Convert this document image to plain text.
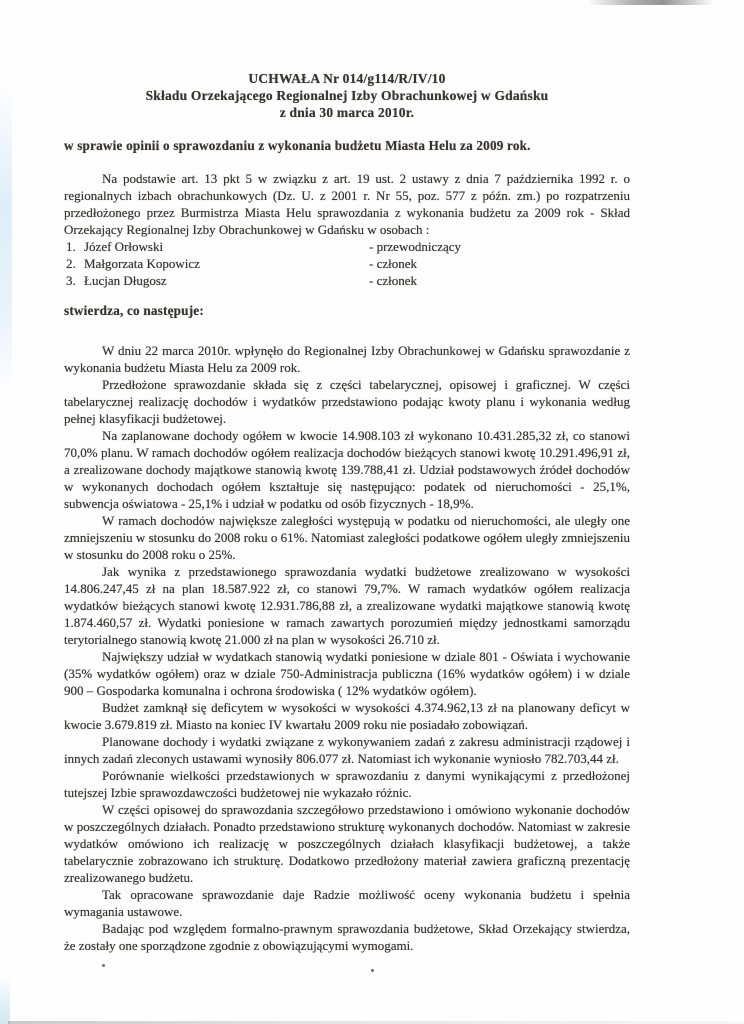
UCHWAŁA Nr 014/g114/R/IV/10
Składu Orzekającego Regionalnej Izby Obrachunkowej w Gdańsku
z dnia 30 marca 2010r.
w sprawie opinii o sprawozdaniu z wykonania budżetu Miasta Helu za 2009 rok.

Na podstawie art. 13 pkt 5 w związku z art. 19 ust. 2 ustawy z dnia 7 października 1992 r. o regionalnych izbach obrachunkowych (Dz. U. z 2001 r. Nr 55, poz. 577 z późn. zm.) po rozpatrzeniu przedłożonego przez Burmistrza Miasta Helu sprawozdania z wykonania budżetu za 2009 rok - Skład Orzekający Regionalnej Izby Obrachunkowej w Gdańsku w osobach :

1. Józef Orłowski	- przewodniczący
2. Małgorzata Kopowicz	- członek
3. Łucjan Długosz	- członek
stwierdza, co następuje:

W dniu 22 marca 2010r. wpłynęło do Regionalnej Izby Obrachunkowej w Gdańsku sprawozdanie z wykonania budżetu Miasta Helu za 2009 rok.

Przedłożone sprawozdanie składa się z części tabelarycznej, opisowej i graficznej. W części tabelarycznej realizację dochodów i wydatków przedstawiono podając kwoty planu i wykonania według pełnej klasyfikacji budżetowej.

Na zaplanowane dochody ogółem w kwocie 14.908.103 zł wykonano 10.431.285,32 zł, co stanowi 70,0% planu. W ramach dochodów ogółem realizacja dochodów bieżących stanowi kwotę 10.291.496,91 zł, a zrealizowane dochody majątkowe stanowią kwotę 139.788,41 zł. Udział podstawowych źródeł dochodów w wykonanych dochodach ogółem kształtuje się następująco: podatek od nieruchomości - 25,1%, subwencja oświatowa - 25,1% i udział w podatku od osób fizycznych - 18,9%.

W ramach dochodów największe zaległości występują w podatku od nieruchomości, ale uległy one zmniejszeniu w stosunku do 2008 roku o 61%. Natomiast zaległości podatkowe ogółem uległy zmniejszeniu w stosunku do 2008 roku o 25%.

Jak wynika z przedstawionego sprawozdania wydatki budżetowe zrealizowano w wysokości 14.806.247,45 zł na plan 18.587.922 zł, co stanowi 79,7%. W ramach wydatków ogółem realizacja wydatków bieżących stanowi kwotę 12.931.786,88 zł, a zrealizowane wydatki majątkowe stanowią kwotę 1.874.460,57 zł. Wydatki poniesione w ramach zawartych porozumień między jednostkami samorządu terytorialnego stanowią kwotę 21.000 zł na plan w wysokości 26.710 zł.

Największy udział w wydatkach stanowią wydatki poniesione w dziale 801 - Oświata i wychowanie (35% wydatków ogółem) oraz w dziale 750-Administracja publiczna (16% wydatków ogółem) i w dziale 900 – Gospodarka komunalna i ochrona środowiska ( 12% wydatków ogółem).

Budżet zamknął się deficytem w wysokości w wysokości 4.374.962,13 zł na planowany deficyt w kwocie 3.679.819 zł. Miasto na koniec IV kwartału 2009 roku nie posiadało zobowiązań.

Planowane dochody i wydatki związane z wykonywaniem zadań z zakresu administracji rządowej i innych zadań zleconych ustawami wynosiły 806.077 zł. Natomiast ich wykonanie wyniosło 782.703,44 zł.

Porównanie wielkości przedstawionych w sprawozdaniu z danymi wynikającymi z przedłożonej tutejszej Izbie sprawozdawczości budżetowej nie wykazało różnic.

W części opisowej do sprawozdania szczegółowo przedstawiono i omówiono wykonanie dochodów w poszczególnych działach. Ponadto przedstawiono strukturę wykonanych dochodów. Natomiast w zakresie wydatków omówiono ich realizację w poszczególnych działach klasyfikacji budżetowej, a także tabelarycznie zobrazowano ich strukturę. Dodatkowo przedłożony materiał zawiera graficzną prezentację zrealizowanego budżetu.

Tak opracowane sprawozdanie daje Radzie możliwość oceny wykonania budżetu i spełnia wymagania ustawowe.

Badając pod względem formalno-prawnym sprawozdania budżetowe, Skład Orzekający stwierdza, że zostały one sporządzone zgodnie z obowiązującymi wymogami.
